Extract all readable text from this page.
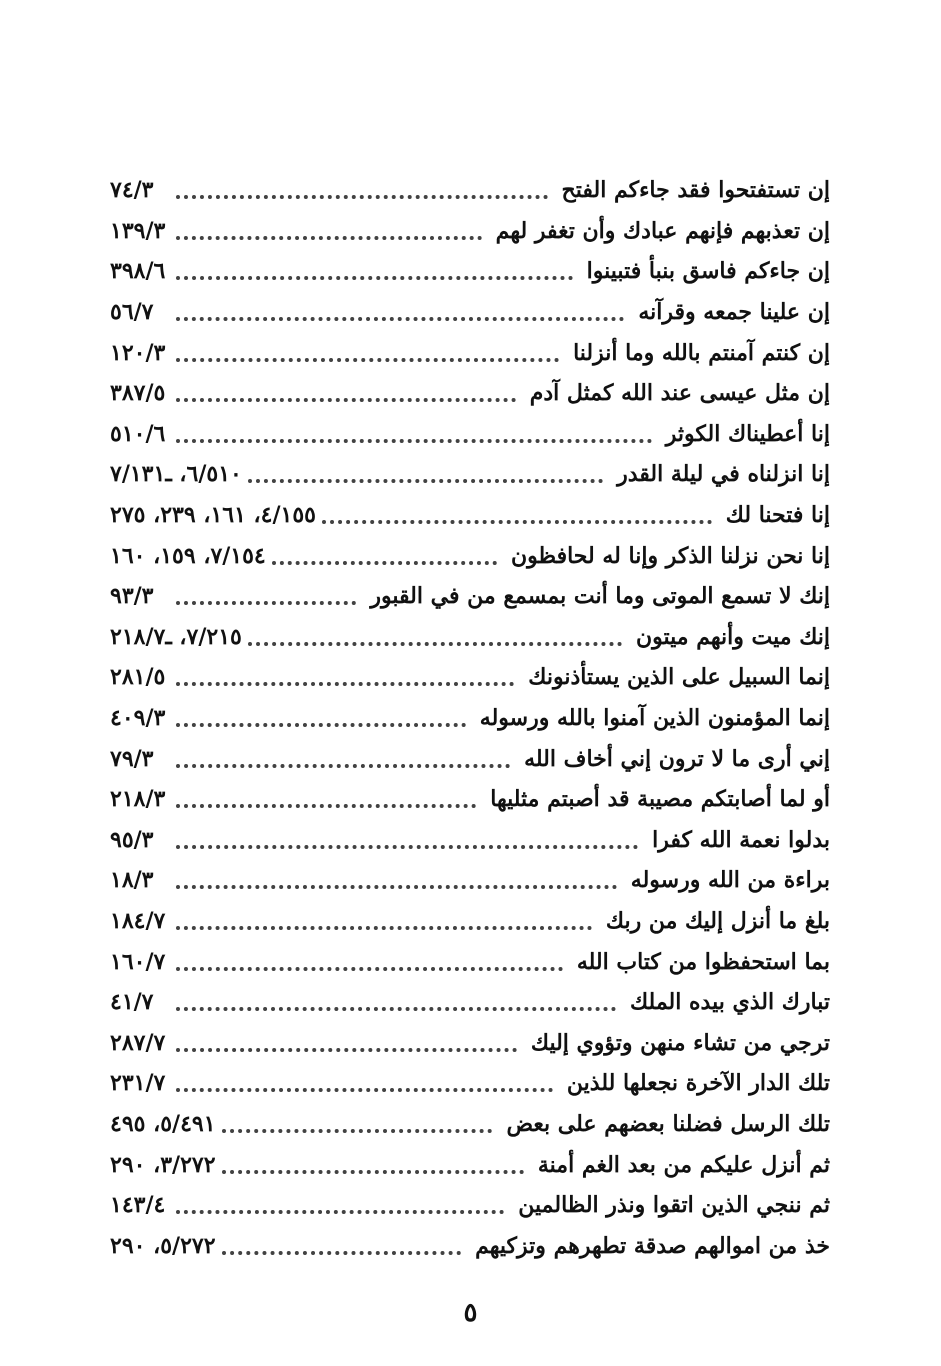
إن تستفتحوا فقد جاءكم الفتح
٧٤/٣
إن تعذبهم فإنهم عبادك وأن تغفر لهم
١٣٩/٣
إن جاءكم فاسق بنبأ فتبينوا
٣٩٨/٦
إن علينا جمعه وقرآنه
٥٦/٧
إن كنتم آمنتم بالله وما أنزلنا
١٢٠/٣
إن مثل عيسى عند الله كمثل آدم
٣٨٧/٥
إنا أعطيناك الكوثر
٥١٠/٦
إنا انزلناه في ليلة القدر
٦/٥١٠، ـ٧/١٣١
إنا فتحنا لك
٤/١٥٥، ١٦١، ٢٣٩، ٢٧٥
إنا نحن نزلنا الذكر وإنا له لحافظون
٧/١٥٤، ١٥٩، ١٦٠
إنك لا تسمع الموتى وما أنت بمسمع من في القبور
٩٣/٣
إنك ميت وأنهم ميتون
٧/٢١٥، ـ٢١٨/٧
إنما السبيل على الذين يستأذنونك
٢٨١/٥
إنما المؤمنون الذين آمنوا بالله ورسوله
٤٠٩/٣
إني أرى ما لا ترون إني أخاف الله
٧٩/٣
أو لما أصابتكم مصيبة قد أصبتم مثليها
٢١٨/٣
بدلوا نعمة الله كفرا
٩٥/٣
براءة من الله ورسوله
١٨/٣
بلغ ما أنزل إليك من ربك
١٨٤/٧
بما استحفظوا من كتاب الله
١٦٠/٧
تبارك الذي بيده الملك
٤١/٧
ترجي من تشاء منهن وتؤوي إليك
٢٨٧/٧
تلك الدار الآخرة نجعلها للذين
٢٣١/٧
تلك الرسل فضلنا بعضهم على بعض
٥/٤٩١، ٤٩٥
ثم أنزل عليكم من بعد الغم أمنة
٣/٢٧٢، ٢٩٠
ثم ننجي الذين اتقوا ونذر الظالمين
١٤٣/٤
خذ من اموالهم صدقة تطهرهم وتزكيهم
٥/٢٧٢، ٢٩٠
٥
